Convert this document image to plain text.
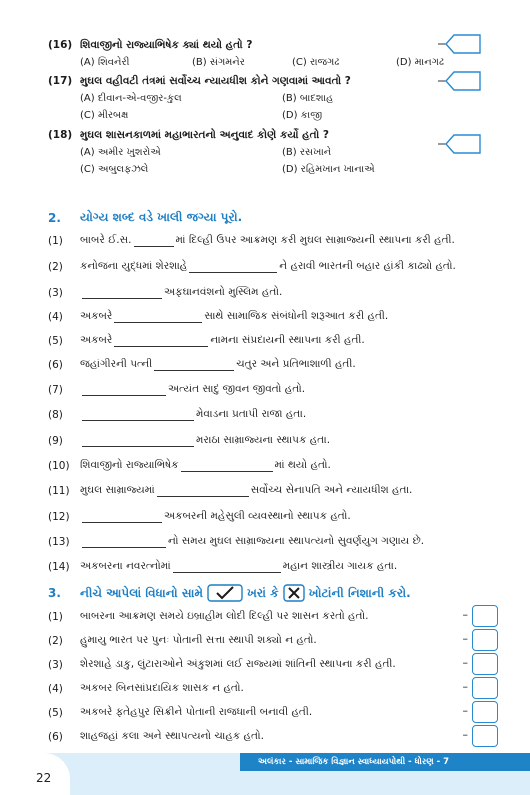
(16) શિવાજીનો રાજ્યાભિષેક ક્યાં થયો હતો ?
(A) શિવનેરી	(B) સંગમનેર	(C) રાજગઢ	(D) માનગઢ
(17) મુઘલ વહીવટી તંત્રમાં સર્વોચ્ચ ન્યાયધીશ કોને ગણવામાં આવતો ?
(A) દીવાન-એ-વજીર-કુલ	(B) બાદશાહ
(C) મીરબક્ષ	(D) કાજી
(18) મુઘલ શાસનકાળમાં મહાભારતનો અનુવાદ કોણે કર્યો હતો ?
(A) અમીર ખુશરોએ	(B) રસખાને
(C) અબુલફઝલે	(D) રહિમખાન ખાનાએ
2.	યોગ્ય શબ્દ વડે ખાલી જગ્યા પૂરો.
(1)	બાબરે ઈ.સ.	માં દિલ્હી ઉપર આક્રમણ કરી મુઘલ સામ્રાજ્યની સ્થાપના કરી હતી.
(2)	કનોજના યુદ્ધમાં શેરશાહે	ને હરાવી ભારતની બહાર હાંકી કાઢ્યો હતો.
(3)	અફઘાનવંશનો મુસ્લિમ હતો.
(4)	અકબરે	સાથે સામાજિક સંબંધોની શરૂઆત કરી હતી.
(5)	અકબરે	નામના સંપ્રદાયની સ્થાપના કરી હતી.
(6)	જહાંગીરની પત્ની	ચતુર અને પ્રતિભાશાળી હતી.
(7)	અત્યંત સાદું જીવન જીવતો હતો.
(8)	મેવાડના પ્રતાપી રાજા હતા.
(9)	મરાઠા સામ્રાજ્યના સ્થાપક હતા.
(10) શિવાજીનો રાજ્યાભિષેક	માં થયો હતો.
(11) મુઘલ સામ્રાજ્યમાં	સર્વોચ્ચ સેનાપતિ અને ન્યાયધીશ હતા.
(12)	અકબરની મહેસુલી વ્યવસ્થાનો સ્થાપક હતો.
(13)	નો સમય મુઘલ સામ્રાજ્યના સ્થાપત્યનો સુવર્ણયુગ ગણાય છે.
(14) અકબરના નવરત્નોમાં	મહાન શાસ્ત્રીય ગાયક હતા.
3.	નીચે આપેલાં વિધાનો સામે	ખરાં કે	ખોટાંની નિશાની કરો.
(1)	બાબરના આક્રમણ સમયે ઇબ્રાહીમ લોદી દિલ્હી પર શાસન કરતો હતો.	–
(2)	હુમાયુ ભારત પર પુનઃ પોતાની સત્તા સ્થાપી શક્યો ન હતો.	–
(3)	શેરશાહે ડાકુ, લુંટારાઓને અંકુશમાં લઈ રાજ્યમાં શાંતિની સ્થાપના કરી હતી.	–
(4)	અકબર બિનસાંપ્રદાયિક શાસક ન હતો.	–
(5)	અકબરે ફતેહપુર સિક્રીને પોતાની રાજધાની બનાવી હતી.	–
(6)	શાહજહાં કલા અને સ્થાપત્યનો ચાહક હતો.	–
અલંકાર - સામાજિક વિજ્ઞાન સ્વાધ્યાયપોથી - ધોરણ - 7
22
